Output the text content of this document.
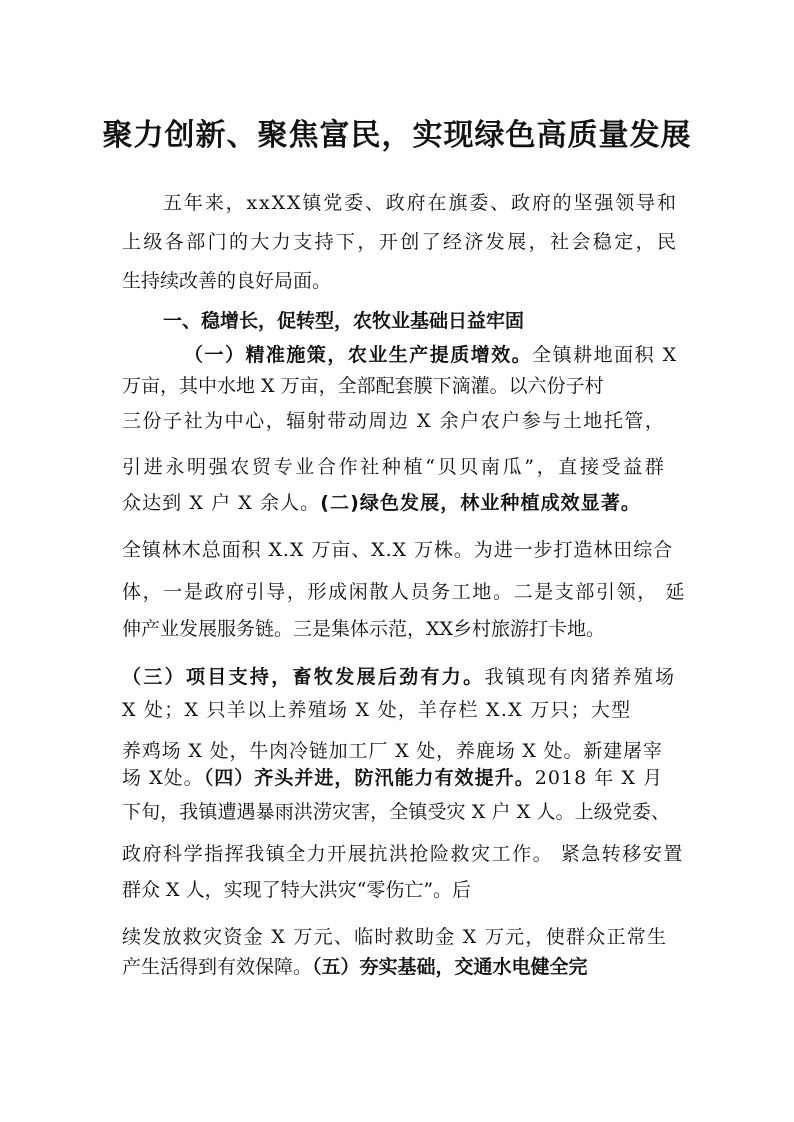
聚力创新、聚焦富民，实现绿色高质量发展

五年来，xxXX镇党委、政府在旗委、政府的坚强领导和

上级各部门的大力支持下，开创了经济发展，社会稳定，民

生持续改善的良好局面。

一、稳增长，促转型，农牧业基础日益牢固

（一）精准施策，农业生产提质增效。全镇耕地面积 X

万亩，其中水地 X 万亩，全部配套膜下滴灌。以六份子村

三份子社为中心，辐射带动周边 X 余户农户参与土地托管，

引进永明强农贸专业合作社种植“贝贝南瓜”，直接受益群

众达到 X 户 X 余人。(二)绿色发展，林业种植成效显著。

全镇林木总面积 X.X 万亩、X.X 万株。为进一步打造林田综合

体，一是政府引导，形成闲散人员务工地。二是支部引领， 延

伸产业发展服务链。三是集体示范，XX乡村旅游打卡地。

（三）项目支持，畜牧发展后劲有力。我镇现有肉猪养殖场

X 处；X 只羊以上养殖场 X 处，羊存栏 X.X 万只；大型

养鸡场 X 处，牛肉冷链加工厂 X 处，养鹿场 X 处。新建屠宰

场 X处。（四）齐头并进，防汛能力有效提升。2018 年 X 月

下旬，我镇遭遇暴雨洪涝灾害，全镇受灾 X 户 X 人。上级党委、

政府科学指挥我镇全力开展抗洪抢险救灾工作。 紧急转移安置

群众 X 人，实现了特大洪灾“零伤亡”。后

续发放救灾资金 X 万元、临时救助金 X 万元，使群众正常生

产生活得到有效保障。（五）夯实基础，交通水电健全完
